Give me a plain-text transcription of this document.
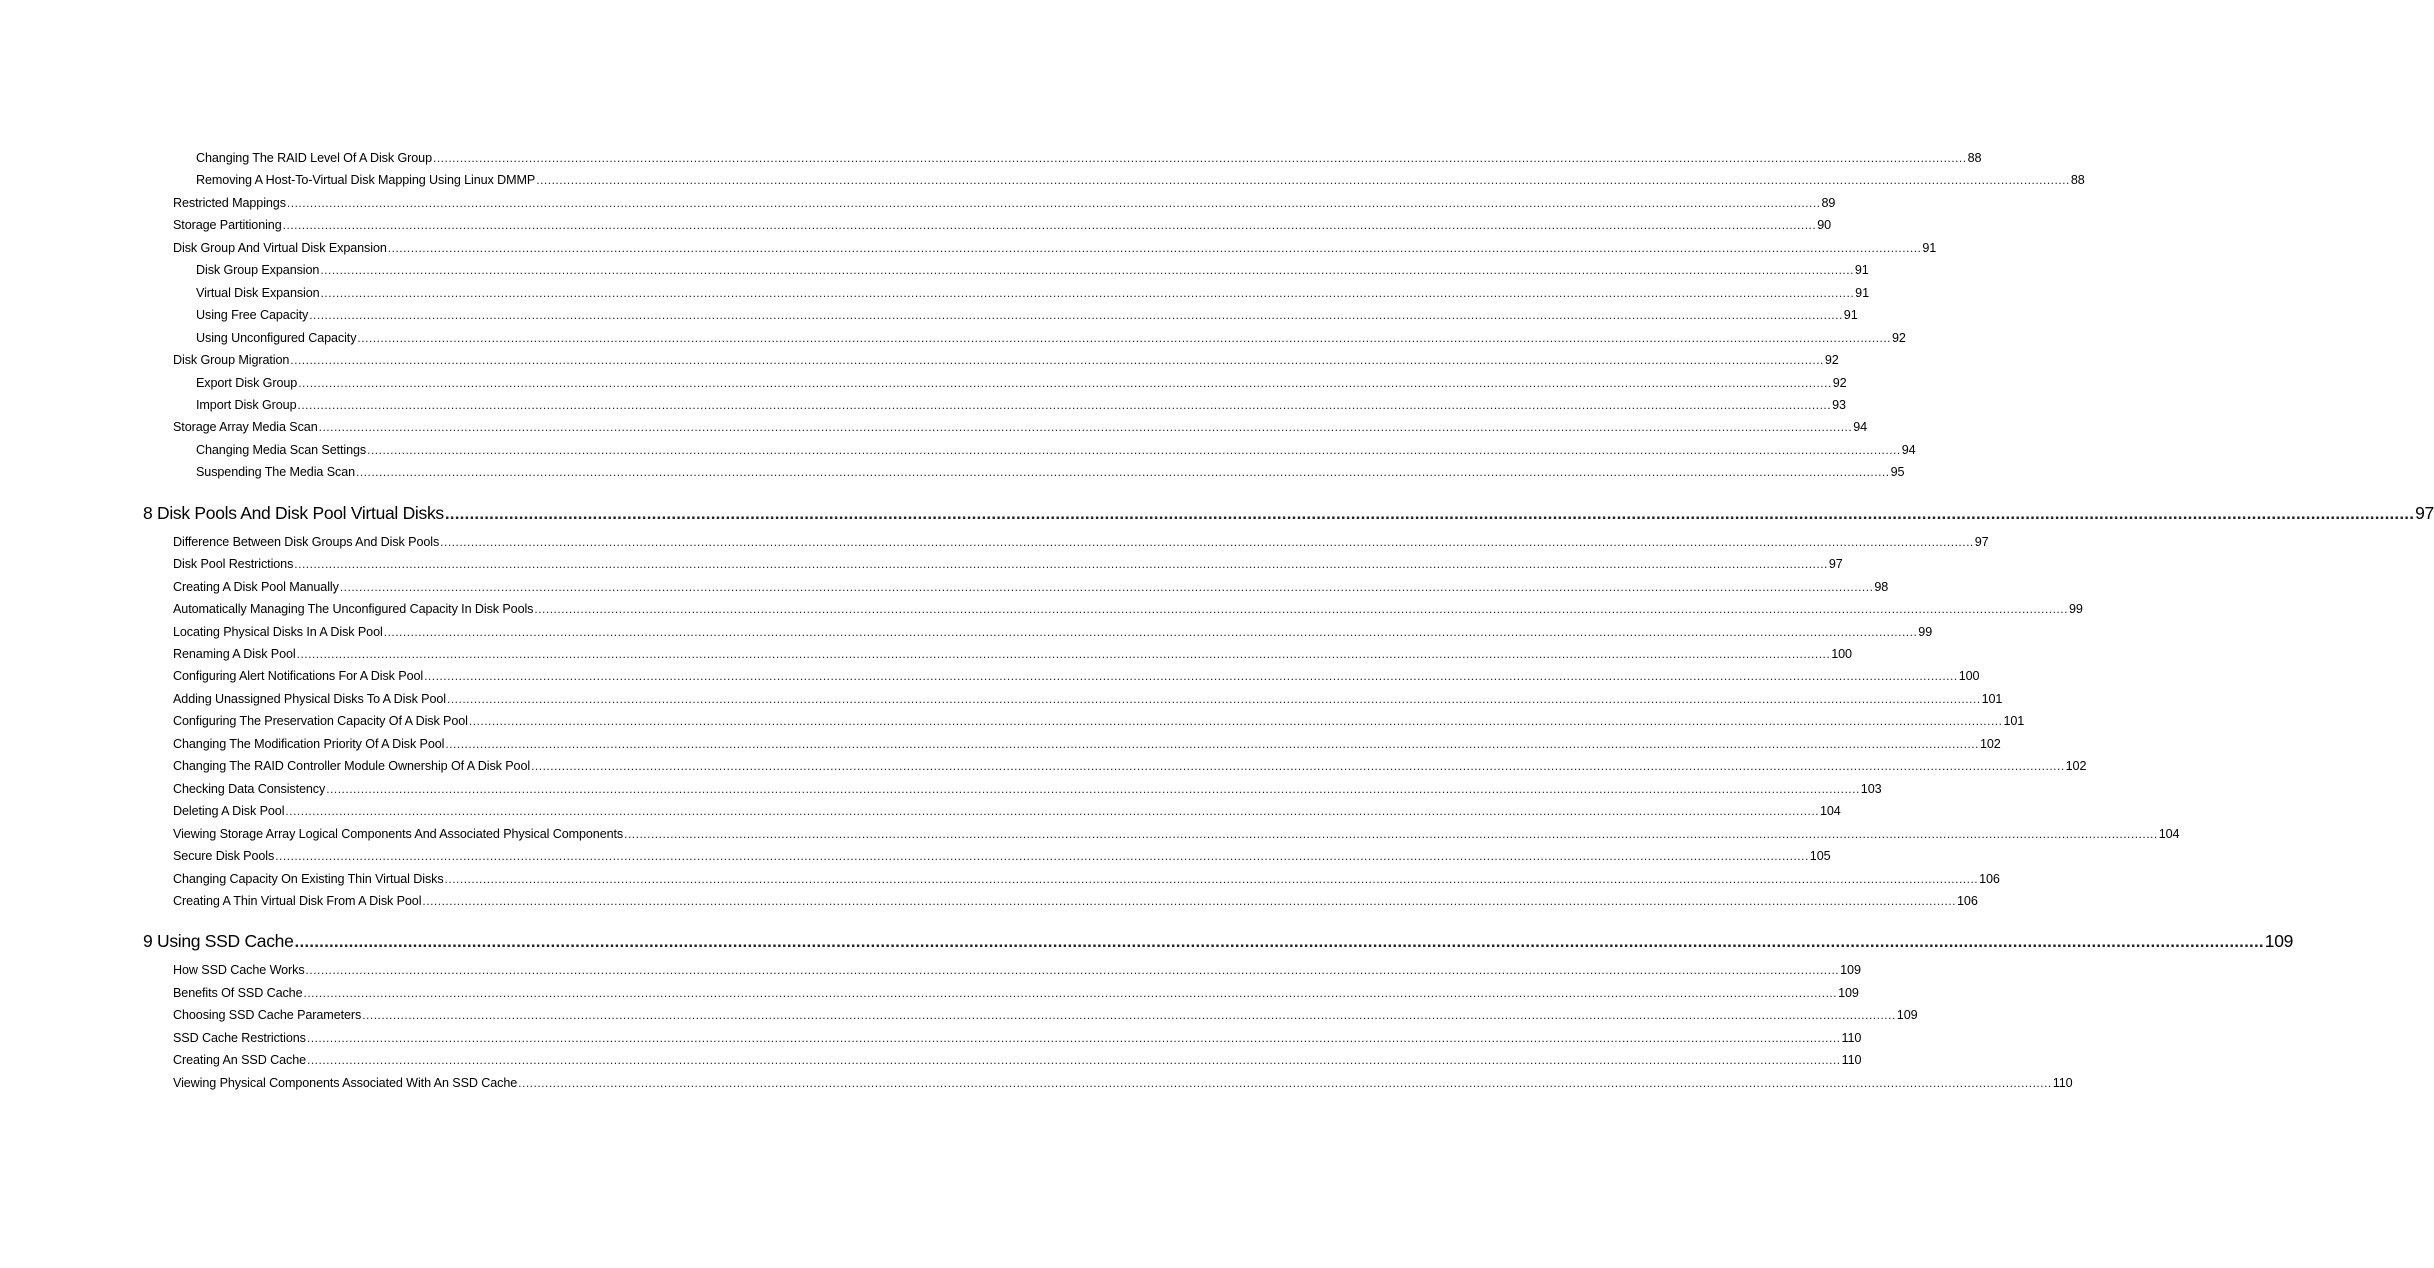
Changing The RAID Level Of A Disk Group ................................................................................................................................................................................................................................................................................................................................................................................................................ 88
Removing A Host-To-Virtual Disk Mapping Using Linux DMMP ................................................................................................................................................................................................................................................................................................................................................................................................................ 88
Restricted Mappings ................................................................................................................................................................................................................................................................................................................................................................................................................ 89
Storage Partitioning ................................................................................................................................................................................................................................................................................................................................................................................................................ 90
Disk Group And Virtual Disk Expansion ................................................................................................................................................................................................................................................................................................................................................................................................................ 91
Disk Group Expansion ................................................................................................................................................................................................................................................................................................................................................................................................................ 91
Virtual Disk Expansion ................................................................................................................................................................................................................................................................................................................................................................................................................ 91
Using Free Capacity ................................................................................................................................................................................................................................................................................................................................................................................................................ 91
Using Unconfigured Capacity ................................................................................................................................................................................................................................................................................................................................................................................................................ 92
Disk Group Migration ................................................................................................................................................................................................................................................................................................................................................................................................................ 92
Export Disk Group ................................................................................................................................................................................................................................................................................................................................................................................................................ 92
Import Disk Group ................................................................................................................................................................................................................................................................................................................................................................................................................ 93
Storage Array Media Scan ................................................................................................................................................................................................................................................................................................................................................................................................................ 94
Changing Media Scan Settings ................................................................................................................................................................................................................................................................................................................................................................................................................ 94
Suspending The Media Scan ................................................................................................................................................................................................................................................................................................................................................................................................................ 95
8 Disk Pools And Disk Pool Virtual Disks ................................................................................................................................................................................................................................................................................................................................................................................................................ 97
Difference Between Disk Groups And Disk Pools ................................................................................................................................................................................................................................................................................................................................................................................................................ 97
Disk Pool Restrictions ................................................................................................................................................................................................................................................................................................................................................................................................................ 97
Creating A Disk Pool Manually ................................................................................................................................................................................................................................................................................................................................................................................................................ 98
Automatically Managing The Unconfigured Capacity In Disk Pools ................................................................................................................................................................................................................................................................................................................................................................................................................ 99
Locating Physical Disks In A Disk Pool ................................................................................................................................................................................................................................................................................................................................................................................................................ 99
Renaming A Disk Pool ................................................................................................................................................................................................................................................................................................................................................................................................................ 100
Configuring Alert Notifications For A Disk Pool ................................................................................................................................................................................................................................................................................................................................................................................................................ 100
Adding Unassigned Physical Disks To A Disk Pool ................................................................................................................................................................................................................................................................................................................................................................................................................ 101
Configuring The Preservation Capacity Of A Disk Pool ................................................................................................................................................................................................................................................................................................................................................................................................................ 101
Changing The Modification Priority Of A Disk Pool ................................................................................................................................................................................................................................................................................................................................................................................................................ 102
Changing The RAID Controller Module Ownership Of A Disk Pool ................................................................................................................................................................................................................................................................................................................................................................................................................ 102
Checking Data Consistency ................................................................................................................................................................................................................................................................................................................................................................................................................ 103
Deleting A Disk Pool ................................................................................................................................................................................................................................................................................................................................................................................................................ 104
Viewing Storage Array Logical Components And Associated Physical Components ................................................................................................................................................................................................................................................................................................................................................................................................................ 104
Secure Disk Pools ................................................................................................................................................................................................................................................................................................................................................................................................................ 105
Changing Capacity On Existing Thin Virtual Disks ................................................................................................................................................................................................................................................................................................................................................................................................................ 106
Creating A Thin Virtual Disk From A Disk Pool ................................................................................................................................................................................................................................................................................................................................................................................................................ 106
9 Using SSD Cache ................................................................................................................................................................................................................................................................................................................................................................................................................ 109
How SSD Cache Works ................................................................................................................................................................................................................................................................................................................................................................................................................ 109
Benefits Of SSD Cache ................................................................................................................................................................................................................................................................................................................................................................................................................ 109
Choosing SSD Cache Parameters ................................................................................................................................................................................................................................................................................................................................................................................................................ 109
SSD Cache Restrictions ................................................................................................................................................................................................................................................................................................................................................................................................................ 110
Creating An SSD Cache ................................................................................................................................................................................................................................................................................................................................................................................................................ 110
Viewing Physical Components Associated With An SSD Cache ................................................................................................................................................................................................................................................................................................................................................................................................................ 110
